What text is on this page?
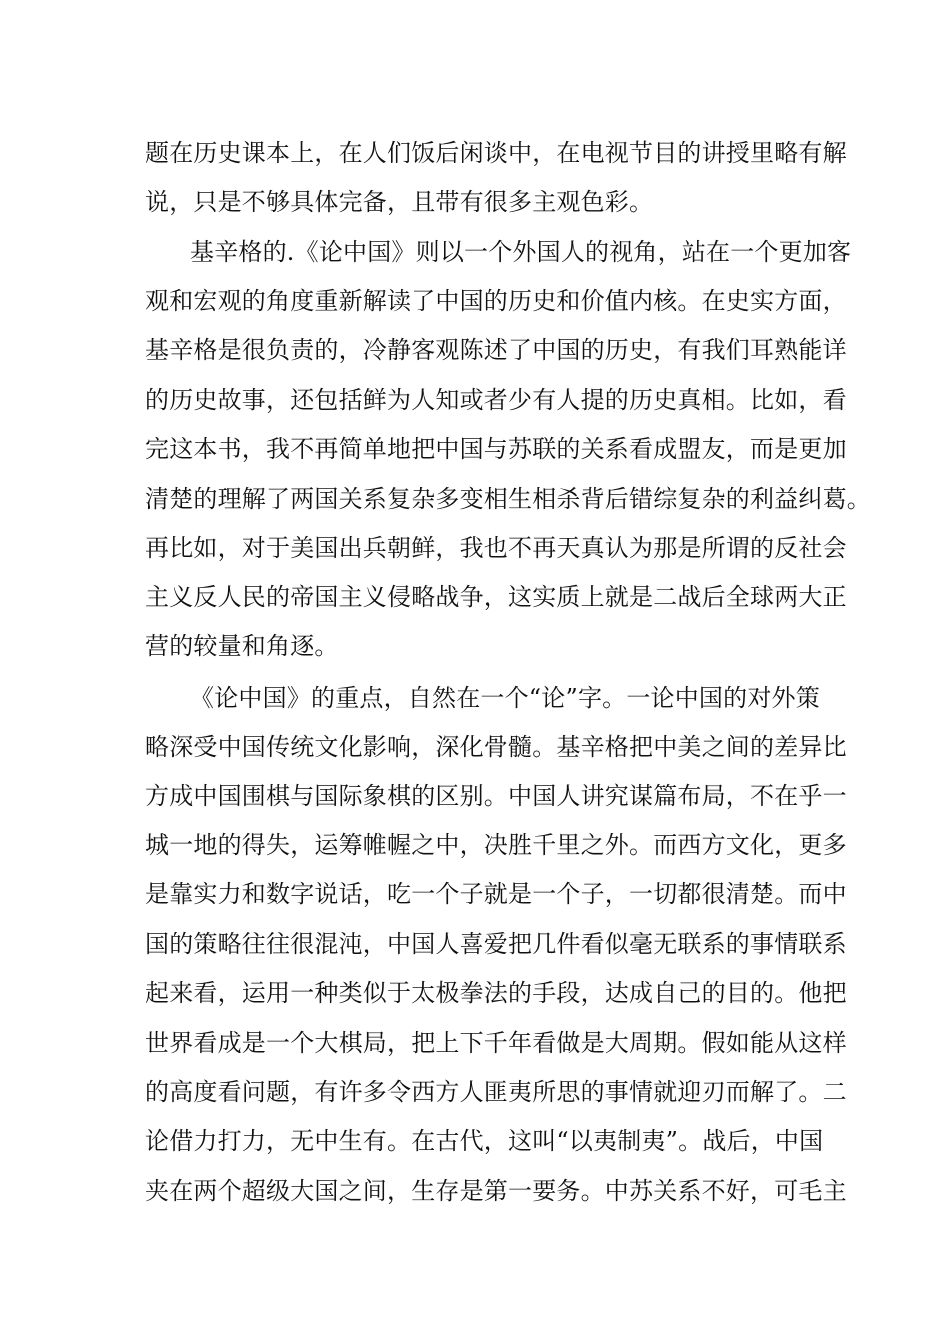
题在历史课本上，在人们饭后闲谈中，在电视节目的讲授里略有解
说，只是不够具体完备，且带有很多主观色彩。
基辛格的.《论中国》则以一个外国人的视角，站在一个更加客
观和宏观的角度重新解读了中国的历史和价值内核。在史实方面，
基辛格是很负责的，冷静客观陈述了中国的历史，有我们耳熟能详
的历史故事，还包括鲜为人知或者少有人提的历史真相。比如，看
完这本书，我不再简单地把中国与苏联的关系看成盟友，而是更加
清楚的理解了两国关系复杂多变相生相杀背后错综复杂的利益纠葛。
再比如，对于美国出兵朝鲜，我也不再天真认为那是所谓的反社会
主义反人民的帝国主义侵略战争，这实质上就是二战后全球两大正
营的较量和角逐。
《论中国》的重点，自然在一个“论”字。一论中国的对外策
略深受中国传统文化影响，深化骨髓。基辛格把中美之间的差异比
方成中国围棋与国际象棋的区别。中国人讲究谋篇布局，不在乎一
城一地的得失，运筹帷幄之中，决胜千里之外。而西方文化，更多
是靠实力和数字说话，吃一个子就是一个子，一切都很清楚。而中
国的策略往往很混沌，中国人喜爱把几件看似毫无联系的事情联系
起来看，运用一种类似于太极拳法的手段，达成自己的目的。他把
世界看成是一个大棋局，把上下千年看做是大周期。假如能从这样
的高度看问题，有许多令西方人匪夷所思的事情就迎刃而解了。二
论借力打力，无中生有。在古代，这叫“以夷制夷”。战后，中国
夹在两个超级大国之间，生存是第一要务。中苏关系不好，可毛主
